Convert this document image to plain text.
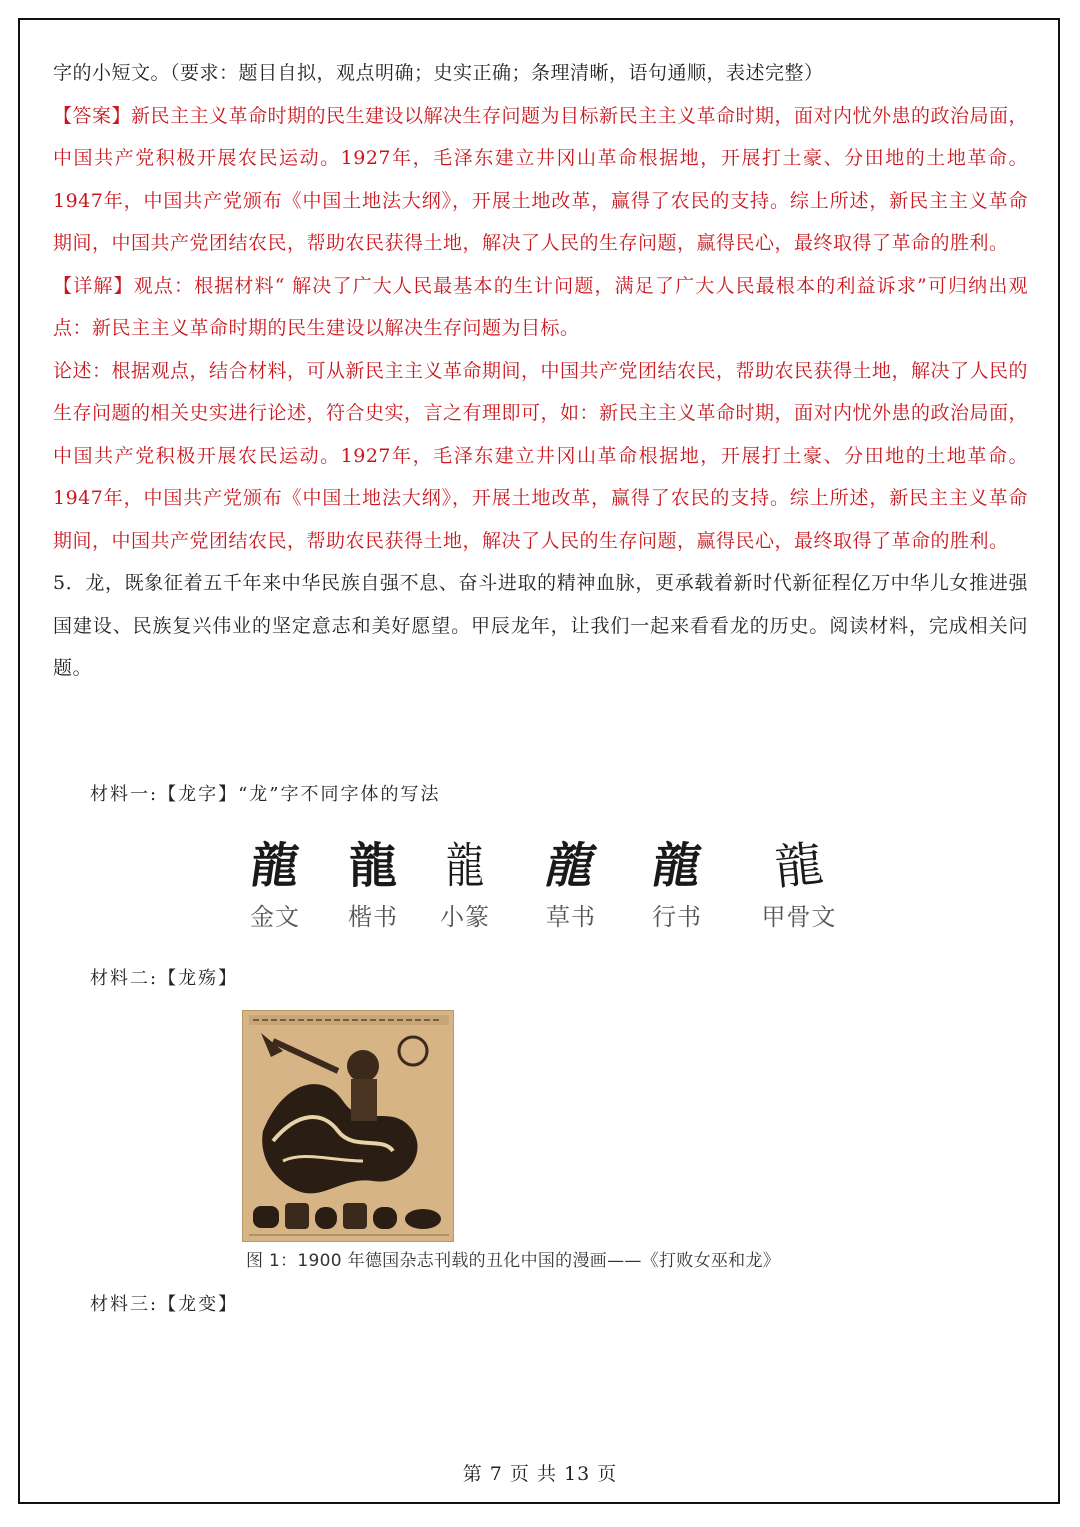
字的小短文。（要求：题目自拟，观点明确；史实正确；条理清晰，语句通顺，表述完整）

【答案】新民主主义革命时期的民生建设以解决生存问题为目标新民主主义革命时期，面对内忧外患的政治局面，中国共产党积极开展农民运动。1927年，毛泽东建立井冈山革命根据地，开展打土豪、分田地的土地革命。1947年，中国共产党颁布《中国土地法大纲》，开展土地改革，赢得了农民的支持。综上所述，新民主主义革命期间，中国共产党团结农民，帮助农民获得土地，解决了人民的生存问题，赢得民心，最终取得了革命的胜利。

【详解】观点：根据材料“ 解决了广大人民最基本的生计问题，满足了广大人民最根本的利益诉求”可归纳出观点：新民主主义革命时期的民生建设以解决生存问题为目标。

论述：根据观点，结合材料，可从新民主主义革命期间，中国共产党团结农民，帮助农民获得土地，解决了人民的生存问题的相关史实进行论述，符合史实，言之有理即可，如：新民主主义革命时期，面对内忧外患的政治局面，中国共产党积极开展农民运动。1927年，毛泽东建立井冈山革命根据地，开展打土豪、分田地的土地革命。1947年，中国共产党颁布《中国土地法大纲》，开展土地改革，赢得了农民的支持。综上所述，新民主主义革命期间，中国共产党团结农民，帮助农民获得土地，解决了人民的生存问题，赢得民心，最终取得了革命的胜利。

5．龙，既象征着五千年来中华民族自强不息、奋斗进取的精神血脉，更承载着新时代新征程亿万中华儿女推进强国建设、民族复兴伟业的坚定意志和美好愿望。甲辰龙年，让我们一起来看看龙的历史。阅读材料，完成相关问题。

材料一:【龙字】“龙”字不同字体的写法
龍
金文
龍
楷书
龍
小篆
龍
草书
龍
行书
龍
甲骨文
材料二:【龙殇】
图 1：1900 年德国杂志刊载的丑化中国的漫画——《打败女巫和龙》
材料三:【龙变】
第 7 页 共 13 页
